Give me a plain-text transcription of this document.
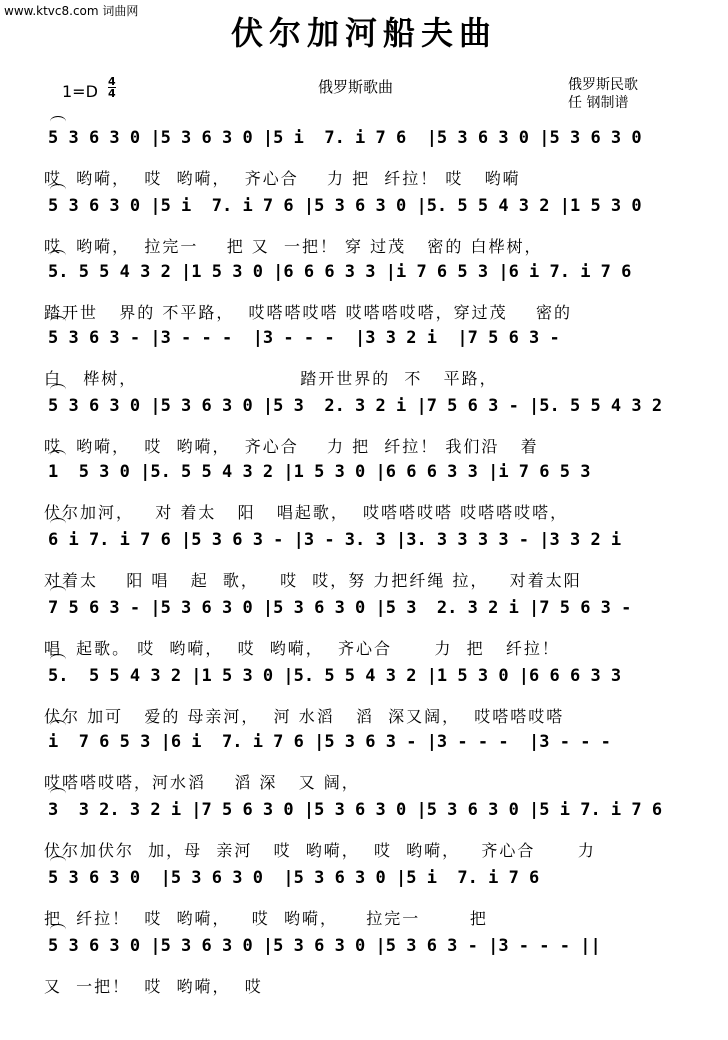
www.ktvc8.com 词曲网
伏尔加河船夫曲
1=D
4
4	俄罗斯歌曲	俄罗斯民歌
任 钢制谱
5 3 6 3 0 |5 3 6 3 0 |5 i  7. i 7 6  |5 3 6 3 0 |5 3 6 3 0
哎  哟嗬，  哎  哟嗬，  齐心合    力 把  纤拉！ 哎   哟嗬
5 3 6 3 0 |5 i  7. i 7 6 |5 3 6 3 0 |5. 5 5 4 3 2 |1 5 3 0
哎  哟嗬，  拉完一    把 又  一把！ 穿 过茂   密的 白桦树，
5. 5 5 4 3 2 |1 5 3 0 |6 6 6 3 3 |i 7 6 5 3 |6 i 7. i 7 6
踏开世   界的 不平路，  哎嗒嗒哎嗒 哎嗒嗒哎嗒，穿过茂    密的
5 3 6 3 - |3 - - -  |3 - - -  |3 3 2 i  |7 5 6 3 -
白   桦树，                       踏开世界的  不   平路，
5 3 6 3 0 |5 3 6 3 0 |5 3  2. 3 2 i |7 5 6 3 - |5. 5 5 4 3 2
哎  哟嗬，  哎  哟嗬，  齐心合    力 把  纤拉！ 我们沿   着
1  5 3 0 |5. 5 5 4 3 2 |1 5 3 0 |6 6 6 3 3 |i 7 6 5 3
伏尔加河，   对 着太   阳   唱起歌，  哎嗒嗒哎嗒 哎嗒嗒哎嗒，
6 i 7. i 7 6 |5 3 6 3 - |3 - 3. 3 |3. 3 3 3 3 - |3 3 2 i
对着太    阳 唱   起  歌，   哎  哎，努 力把纤绳 拉，   对着太阳
7 5 6 3 - |5 3 6 3 0 |5 3 6 3 0 |5 3  2. 3 2 i |7 5 6 3 -
唱  起歌。 哎  哟嗬，  哎  哟嗬，  齐心合      力  把   纤拉！
5.  5 5 4 3 2 |1 5 3 0 |5. 5 5 4 3 2 |1 5 3 0 |6 6 6 3 3
伏尔 加可   爱的 母亲河，  河 水滔   滔  深又阔，  哎嗒嗒哎嗒
i  7 6 5 3 |6 i  7. i 7 6 |5 3 6 3 - |3 - - -  |3 - - -
哎嗒嗒哎嗒，河水滔    滔 深   又 阔，
3  3 2. 3 2 i |7 5 6 3 0 |5 3 6 3 0 |5 3 6 3 0 |5 i 7. i 7 6
伏尔加伏尔  加，母  亲河   哎  哟嗬，  哎  哟嗬，   齐心合      力
5 3 6 3 0  |5 3 6 3 0  |5 3 6 3 0 |5 i  7. i 7 6
把  纤拉！  哎  哟嗬，   哎  哟嗬，    拉完一       把
5 3 6 3 0 |5 3 6 3 0 |5 3 6 3 0 |5 3 6 3 - |3 - - - ||
又  一把！  哎  哟嗬，  哎
